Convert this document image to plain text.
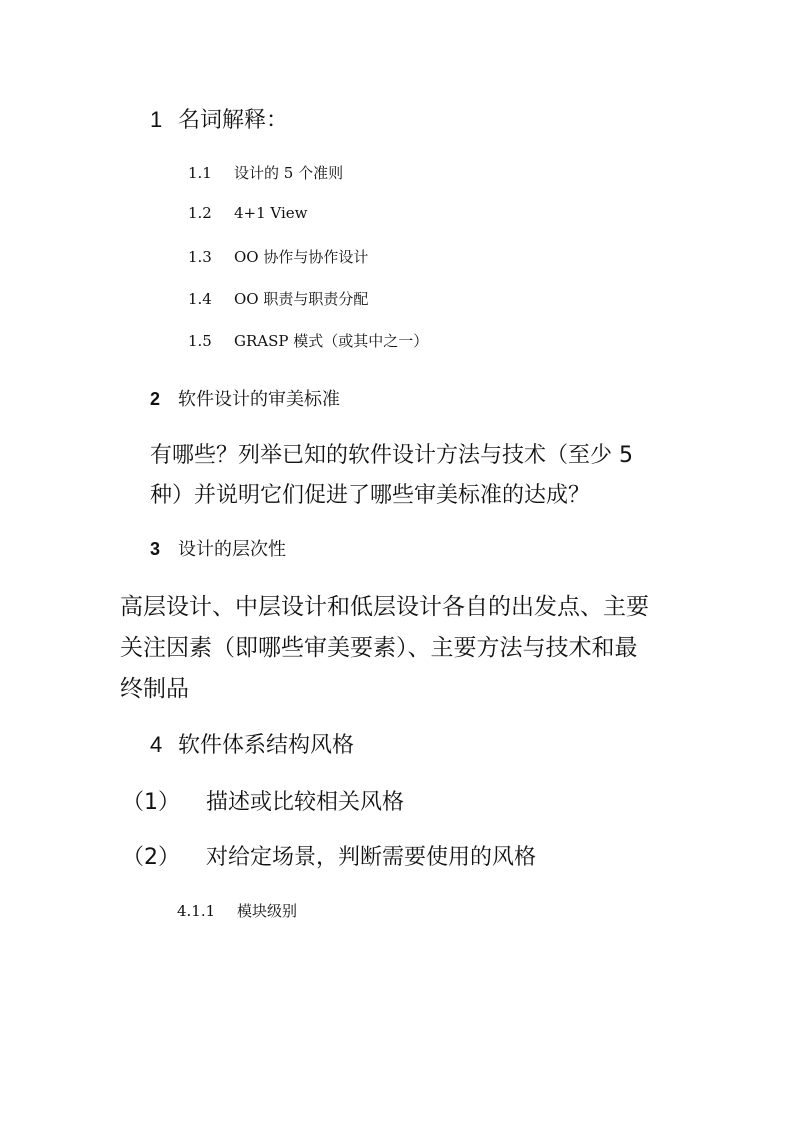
1 名词解释：
1.1 设计的 5 个准则
1.2 4+1 View
1.3 OO 协作与协作设计
1.4 OO 职责与职责分配
1.5 GRASP 模式（或其中之一）
2 软件设计的审美标准
有哪些？列举已知的软件设计方法与技术（至少 5
种）并说明它们促进了哪些审美标准的达成？
3 设计的层次性
高层设计、中层设计和低层设计各自的出发点、主要
关注因素（即哪些审美要素）、主要方法与技术和最
终制品
4 软件体系结构风格
（1） 描述或比较相关风格
（2） 对给定场景，判断需要使用的风格
4.1.1 模块级别
